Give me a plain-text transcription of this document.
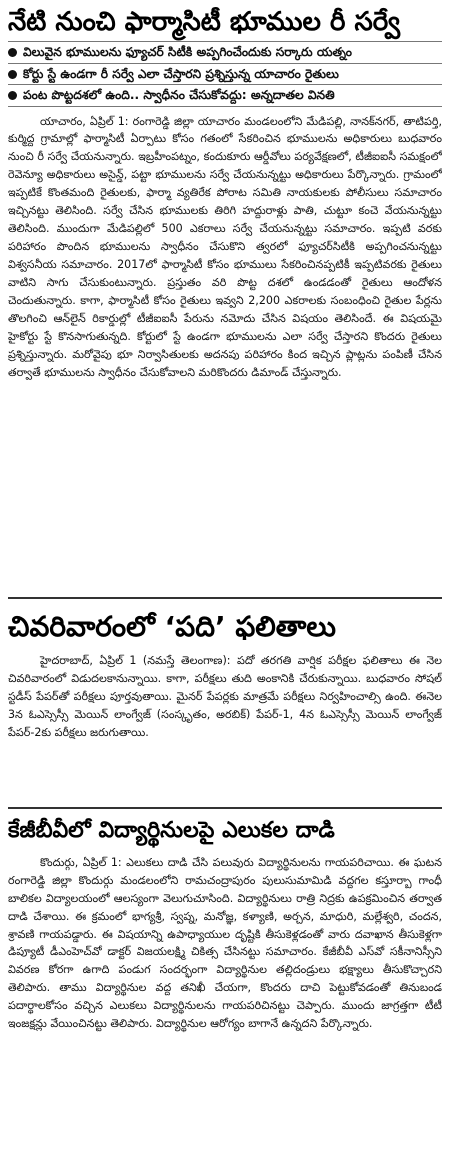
నేటి నుంచి ఫార్మాసిటీ భూముల రీ సర్వే
విలువైన భూములను ఫ్యూచర్ సిటీకి అప్పగించేందుకు సర్కారు యత్నం
కోర్టు స్టే ఉండగా రీ సర్వే ఎలా చేస్తారని ప్రశ్నిస్తున్న యాచారం రైతులు
పంట పొట్టదశలో ఉంది.. స్వాధీనం చేసుకోవద్దు: అన్నదాతల వినతి

యాచారం, ఏప్రిల్ 1: రంగారెడ్డి జిల్లా యాచారం మండలంలోని మేడిపల్లి, నానక్‌నగర్, తాటిపర్తి, కుర్మిద్ద గ్రామాల్లో ఫార్మాసిటీ ఏర్పాటు కోసం గతంలో సేకరించిన భూములను అధికారులు బుధవారం నుంచి రీ సర్వే చేయనున్నారు. ఇబ్రహీంపట్నం, కందుకూరు ఆర్డీవోలు పర్యవేక్షణలో, టీజీఐఐసీ సమక్షంలో రెవెన్యూ అధికారులు అసైన్డ్, పట్టా భూములను సర్వే చేయనున్నట్టు అధికారులు పేర్కొన్నారు. గ్రామంలో ఇప్పటికే కొంతమంది రైతులకు, ఫార్మా వ్యతిరేక పోరాట సమితి నాయకులకు పోలీసులు సమాచారం ఇచ్చినట్టు తెలిసింది. సర్వే చేసిన భూములకు తిరిగి హద్దురాళ్లు పాతి, చుట్టూ కంచె వేయనున్నట్టు తెలిసింది. ముందుగా మేడిపల్లిలో 500 ఎకరాలు సర్వే చేయనున్నట్టు సమాచారం. ఇప్పటి వరకు పరిహారం పొందిన భూములను స్వాధీనం చేసుకొని త్వరలో ఫ్యూచర్‌సిటీకి అప్పగించనున్నట్టు విశ్వసనీయ సమాచారం. 2017లో ఫార్మాసిటీ కోసం భూములు సేకరించినప్పటికీ ఇప్పటివరకు రైతులు వాటిని సాగు చేసుకుంటున్నారు. ప్రస్తుతం వరి పొట్ట దశలో ఉండడంతో రైతులు ఆందోళన చెందుతున్నారు. కాగా, ఫార్మాసిటీ కోసం రైతులు ఇవ్వని 2,200 ఎకరాలకు సంబంధించి రైతుల పేర్లను తొలగించి ఆన్‌లైన్ రికార్డుల్లో టీజీఐఐసీ పేరును నమోదు చేసిన విషయం తెలిసిందే. ఈ విషయమై హైకోర్టు స్టే కొనసాగుతున్నది. కోర్టులో స్టే ఉండగా భూములను ఎలా సర్వే చేస్తారని కొందరు రైతులు ప్రశ్నిస్తున్నారు. మరోవైపు భూ నిర్వాసితులకు అదనపు పరిహారం కింద ఇచ్చిన ప్లాట్లను పంపిణీ చేసిన తర్వాతే భూములను స్వాధీనం చేసుకోవాలని మరికొందరు డిమాండ్ చేస్తున్నారు.

చివరివారంలో ‘పది’ ఫలితాలు

హైదరాబాద్, ఏప్రిల్ 1 (నమస్తే తెలంగాణ): పదో తరగతి వార్షిక పరీక్షల ఫలితాలు ఈ నెల చివరివారంలో విడుదలకానున్నాయి. కాగా, పరీక్షలు తుది అంకానికి చేరుకున్నాయి. బుధవారం సోషల్ స్టడీస్ పేపర్‌తో పరీక్షలు పూర్తవుతాయి. మైనర్ పేపర్లకు మాత్రమే పరీక్షలు నిర్వహించాల్సి ఉంది. ఈనెల 3న ఓఎస్సెస్సీ మెయిన్ లాంగ్వేజ్ (సంస్కృతం, అరబిక్) పేపర్-1, 4న ఓఎస్సెస్సీ మెయిన్ లాంగ్వేజ్ పేపర్-2కు పరీక్షలు జరుగుతాయి.

కేజీబీవీలో విద్యార్థినులపై ఎలుకల దాడి

కొందుర్గు, ఏప్రిల్ 1: ఎలుకలు దాడి చేసి పలువురు విద్యార్థినులను గాయపరిచాయి. ఈ ఘటన రంగారెడ్డి జిల్లా కొందుర్గు మండలంలోని రామచంద్రాపురం పులుసుమామిడి వద్దగల కస్తూర్బా గాంధీ బాలికల విద్యాలయంలో ఆలస్యంగా వెలుగుచూసింది. విద్యార్థినులు రాత్రి నిద్రకు ఉపక్రమించిన తర్వాత దాడి చేశాయి. ఈ క్రమంలో భాగ్యశ్రీ, స్వప్న, మనోజ్ఞ, కళ్యాణి, అర్చన, మాధురి, మల్లేశ్వరి, చందన, శ్రావణి గాయపడ్డారు. ఈ విషయాన్ని ఉపాధ్యాయుల దృష్టికి తీసుకెళ్లడంతో వారు దవాఖాన తీసుకెళ్లగా డిప్యూటీ డీఎంహెచ్‌వో డాక్టర్ విజయలక్ష్మి చికిత్స చేసినట్టు సమాచారం. కేజీబీవీ ఎస్‌వో సకీనానిస్సీని వివరణ కోరగా ఉగాది పండుగ సందర్భంగా విద్యార్థినుల తల్లిదండ్రులు భక్ష్యాలు తీసుకొచ్చారని తెలిపారు. తాము విద్యార్థినుల వద్ద తనిఖీ చేయగా, కొందరు దాచి పెట్టుకోవడంతో తినుబండ పదార్థాలకోసం వచ్చిన ఎలుకలు విద్యార్థినులను గాయపరిచినట్టు చెప్పారు. ముందు జాగ్రత్తగా టీటీ ఇంజక్షన్లు వేయించినట్టు తెలిపారు. విద్యార్థినుల ఆరోగ్యం బాగానే ఉన్నదని పేర్కొన్నారు.
